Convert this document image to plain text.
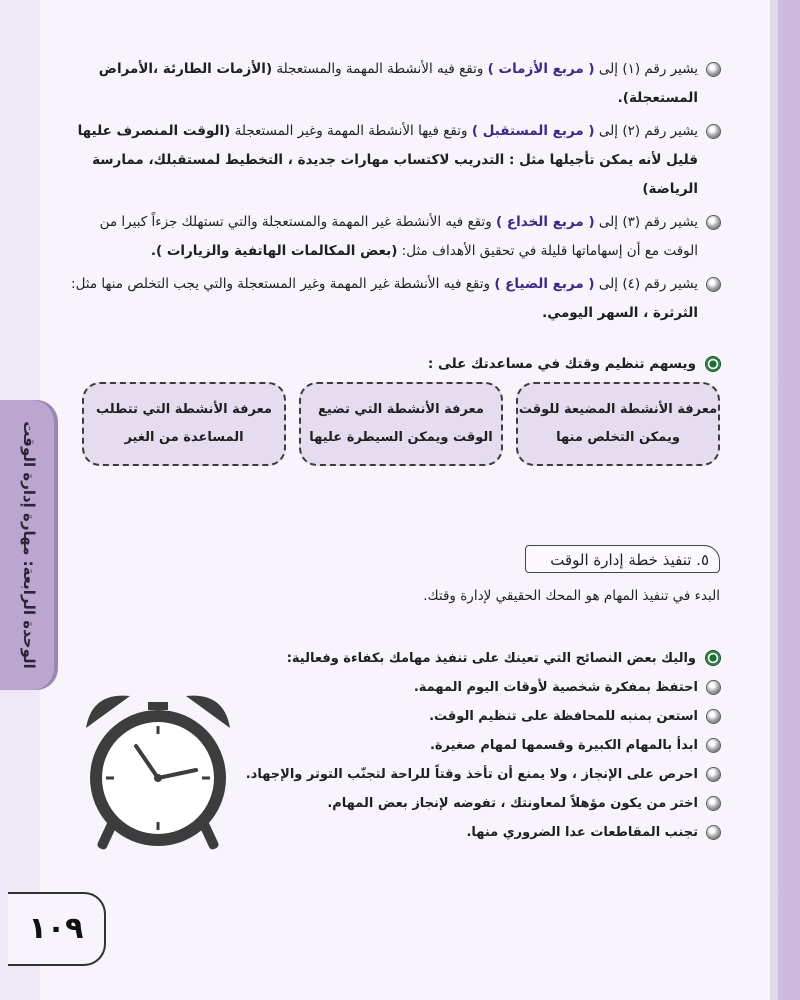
الوحدة الرابعة: مهارة إدارة الوقت
يشير رقم (١) إلى ( مربع الأزمات ) وتقع فيه الأنشطة المهمة والمستعجلة (الأزمات الطارئة ،الأمراض المستعجلة).
يشير رقم (٢) إلى ( مربع المستقبل ) وتقع فيها الأنشطة المهمة وغير المستعجلة (الوقت المنصرف عليها قليل لأنه يمكن تأجيلها مثل : التدريب لاكتساب مهارات جديدة ، التخطيط لمستقبلك، ممارسة الرياضة)
يشير رقم (٣) إلى ( مربع الخداع ) وتقع فيه الأنشطة غير المهمة والمستعجلة والتي تستهلك جزءاً كبيرا من الوقت مع أن إسهاماتها قليلة في تحقيق الأهداف مثل: (بعض المكالمات الهاتفية والزيارات ).
يشير رقم (٤) إلى ( مربع الضياع ) وتقع فيه الأنشطة غير المهمة وغير المستعجلة والتي يجب التخلص منها مثل: الثرثرة ، السهر اليومي.
ويسهم تنظيم وقتك في مساعدتك على :
معرفة الأنشطة المضيعة للوقت
ويمكن التخلص منها
معرفة الأنشطة التي تضيع
الوقت ويمكن السيطرة عليها
معرفة الأنشطة التي تتطلب
المساعدة من الغير
٥. تنفيذ خطة إدارة الوقت
البدء في تنفيذ المهام هو المحك الحقيقي لإدارة وقتك.
واليك بعض النصائح التي تعينك على تنفيذ مهامك بكفاءة وفعالية:
احتفظ بمفكرة شخصية لأوقات اليوم المهمة.
استعن بمنبه للمحافظة على تنظيم الوقت.
ابدأ بالمهام الكبيرة وقسمها لمهام صغيرة.
احرص على الإنجاز ، ولا يمنع أن تأخذ وقتاً للراحة لتجنّب التوتر والإجهاد.
اختر من يكون مؤهلاً لمعاونتك ، تفوضه لإنجاز بعض المهام.
تجنب المقاطعات عدا الضروري منها.
١٠٩
